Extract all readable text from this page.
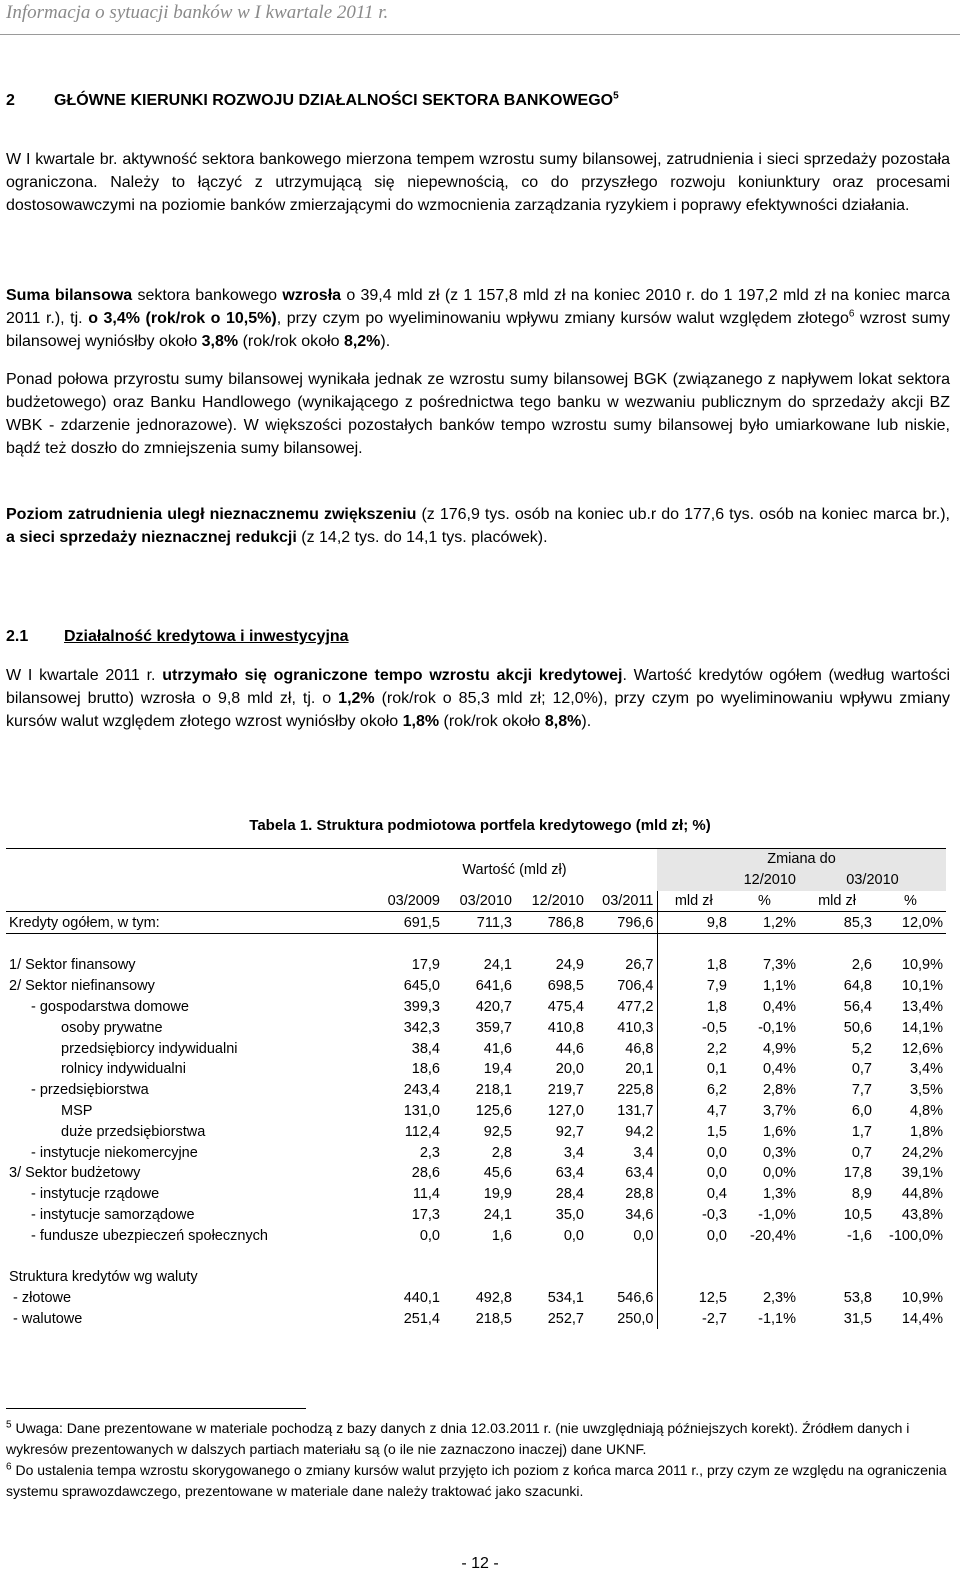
Informacja o sytuacji banków w I kwartale 2011 r.
2 GŁÓWNE KIERUNKI ROZWOJU DZIAŁALNOŚCI SEKTORA BANKOWEGO$^5$
W I kwartale br. aktywność sektora bankowego mierzona tempem wzrostu sumy bilansowej, zatrudnienia i sieci sprzedaży pozostała ograniczona. Należy to łączyć z utrzymującą się niepewnością, co do przyszłego rozwoju koniunktury oraz procesami dostosowawczymi na poziomie banków zmierzającymi do wzmocnienia zarządzania ryzykiem i poprawy efektywności działania.
Suma bilansowa sektora bankowego wzrosła o 39,4 mld zł (z 1 157,8 mld zł na koniec 2010 r. do 1 197,2 mld zł na koniec marca 2011 r.), tj. o 3,4% (rok/rok o 10,5%), przy czym po wyeliminowaniu wpływu zmiany kursów walut względem złotego$^6$ wzrost sumy bilansowej wyniósłby około 3,8% (rok/rok około 8,2%).
Ponad połowa przyrostu sumy bilansowej wynikała jednak ze wzrostu sumy bilansowej BGK (związanego z napływem lokat sektora budżetowego) oraz Banku Handlowego (wynikającego z pośrednictwa tego banku w wezwaniu publicznym do sprzedaży akcji BZ WBK - zdarzenie jednorazowe). W większości pozostałych banków tempo wzrostu sumy bilansowej było umiarkowane lub niskie, bądź też doszło do zmniejszenia sumy bilansowej.
Poziom zatrudnienia uległ nieznacznemu zwiększeniu (z 176,9 tys. osób na koniec ub.r do 177,6 tys. osób na koniec marca br.), a sieci sprzedaży nieznacznej redukcji (z 14,2 tys. do 14,1 tys. placówek).
2.1 Działalność kredytowa i inwestycyjna
W I kwartale 2011 r. utrzymało się ograniczone tempo wzrostu akcji kredytowej. Wartość kredytów ogółem (według wartości bilansowej brutto) wzrosła o 9,8 mld zł, tj. o 1,2% (rok/rok o 85,3 mld zł; 12,0%), przy czym po wyeliminowaniu wpływu zmiany kursów walut względem złotego wzrost wyniósłby około 1,8% (rok/rok około 8,8%).
Tabela 1. Struktura podmiotowa portfela kredytowego (mld zł; %)
	Wartość (mld zł)				Zmiana do			
					12/2010		03/2010	
	03/2009	03/2010	12/2010	03/2011	mld zł	%	mld zł	%
Kredyty ogółem, w tym:	691,5	711,3	786,8	796,6	9,8	1,2%	85,3	12,0%

1/ Sektor finansowy	17,9	24,1	24,9	26,7	1,8	7,3%	2,6	10,9%
2/ Sektor niefinansowy	645,0	641,6	698,5	706,4	7,9	1,1%	64,8	10,1%
- gospodarstwa domowe	399,3	420,7	475,4	477,2	1,8	0,4%	56,4	13,4%
osoby prywatne	342,3	359,7	410,8	410,3	-0,5	-0,1%	50,6	14,1%
przedsiębiorcy indywidualni	38,4	41,6	44,6	46,8	2,2	4,9%	5,2	12,6%
rolnicy indywidualni	18,6	19,4	20,0	20,1	0,1	0,4%	0,7	3,4%
- przedsiębiorstwa	243,4	218,1	219,7	225,8	6,2	2,8%	7,7	3,5%
MSP	131,0	125,6	127,0	131,7	4,7	3,7%	6,0	4,8%
duże przedsiębiorstwa	112,4	92,5	92,7	94,2	1,5	1,6%	1,7	1,8%
- instytucje niekomercyjne	2,3	2,8	3,4	3,4	0,0	0,3%	0,7	24,2%
3/ Sektor budżetowy	28,6	45,6	63,4	63,4	0,0	0,0%	17,8	39,1%
- instytucje rządowe	11,4	19,9	28,4	28,8	0,4	1,3%	8,9	44,8%
- instytucje samorządowe	17,3	24,1	35,0	34,6	-0,3	-1,0%	10,5	43,8%
- fundusze ubezpieczeń społecznych	0,0	1,6	0,0	0,0	0,0	-20,4%	-1,6	-100,0%

Struktura kredytów wg waluty								
- złotowe	440,1	492,8	534,1	546,6	12,5	2,3%	53,8	10,9%
- walutowe	251,4	218,5	252,7	250,0	-2,7	-1,1%	31,5	14,4%
$^5$ Uwaga: Dane prezentowane w materiale pochodzą z bazy danych z dnia 12.03.2011 r. (nie uwzględniają późniejszych korekt). Źródłem danych i wykresów prezentowanych w dalszych partiach materiału są (o ile nie zaznaczono inaczej) dane UKNF.
$^6$ Do ustalenia tempa wzrostu skorygowanego o zmiany kursów walut przyjęto ich poziom z końca marca 2011 r., przy czym ze względu na ograniczenia systemu sprawozdawczego, prezentowane w materiale dane należy traktować jako szacunki.
- 12 -
